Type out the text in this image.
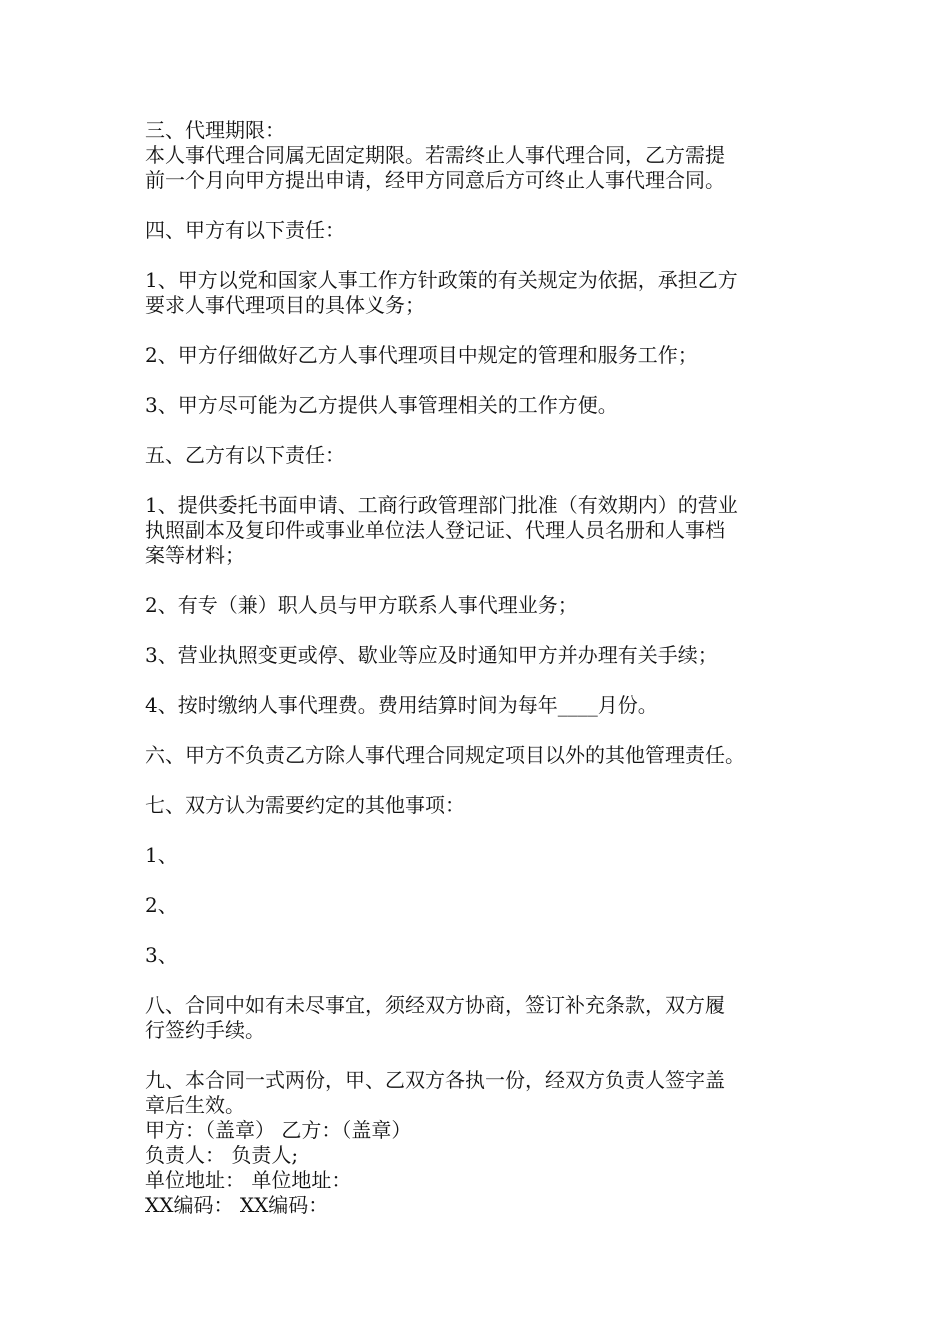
三、代理期限：
本人事代理合同属无固定期限。若需终止人事代理合同，乙方需提
前一个月向甲方提出申请，经甲方同意后方可终止人事代理合同。
四、甲方有以下责任：
1、甲方以党和国家人事工作方针政策的有关规定为依据，承担乙方
要求人事代理项目的具体义务；
2、甲方仔细做好乙方人事代理项目中规定的管理和服务工作；
3、甲方尽可能为乙方提供人事管理相关的工作方便。
五、乙方有以下责任：
1、提供委托书面申请、工商行政管理部门批准（有效期内）的营业
执照副本及复印件或事业单位法人登记证、代理人员名册和人事档
案等材料；
2、有专（兼）职人员与甲方联系人事代理业务；
3、营业执照变更或停、歇业等应及时通知甲方并办理有关手续；
4、按时缴纳人事代理费。费用结算时间为每年____月份。
六、甲方不负责乙方除人事代理合同规定项目以外的其他管理责任。
七、双方认为需要约定的其他事项：
1、
2、
3、
八、合同中如有未尽事宜，须经双方协商，签订补充条款，双方履
行签约手续。
九、本合同一式两份，甲、乙双方各执一份，经双方负责人签字盖
章后生效。
甲方：（盖章） 乙方：（盖章）
负责人： 负责人;
单位地址： 单位地址：
XX编码： XX编码：
